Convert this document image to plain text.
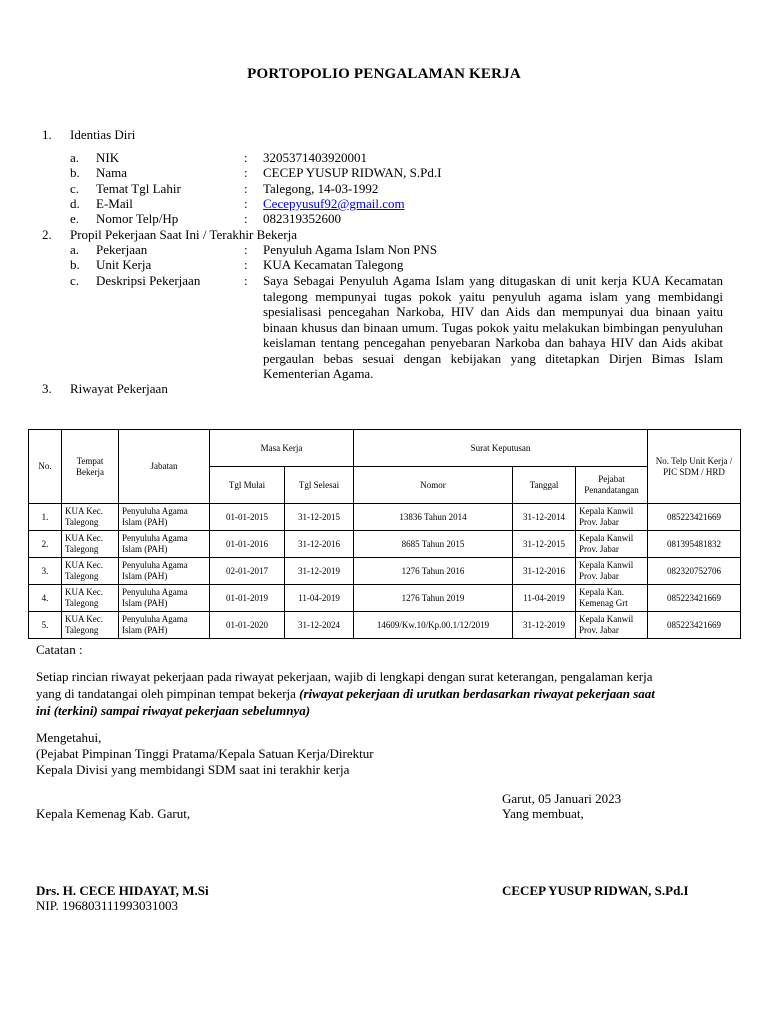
PORTOPOLIO PENGALAMAN KERJA
1. Identias Diri
a. NIK	: 3205371403920001
b. Nama	: CECEP YUSUP RIDWAN, S.Pd.I
c. Temat Tgl Lahir	: Talegong, 14-03-1992
d. E-Mail	: Cecepyusuf92@gmail.com
e. Nomor Telp/Hp	: 082319352600
2. Propil Pekerjaan Saat Ini / Terakhir Bekerja
a. Pekerjaan	: Penyuluh Agama Islam Non PNS
b. Unit Kerja	: KUA Kecamatan Talegong
c. Deskripsi Pekerjaan	: Saya Sebagai Penyuluh Agama Islam yang ditugaskan di unit kerja KUA Kecamatan talegong mempunyai tugas pokok yaitu penyuluh agama islam yang membidangi spesialisasi pencegahan Narkoba, HIV dan Aids dan mempunyai dua binaan yaitu binaan khusus dan binaan umum. Tugas pokok yaitu melakukan bimbingan penyuluhan keislaman tentang pencegahan penyebaran Narkoba dan bahaya HIV dan Aids akibat pergaulan bebas sesuai dengan kebijakan yang ditetapkan Dirjen Bimas Islam Kementerian Agama.
3. Riwayat Pekerjaan
No.	Tempat Bekerja	Jabatan	Masa Kerja		Surat Keputusan			No. Telp Unit Kerja / PIC SDM / HRD
			Tgl Mulai	Tgl Selesai	Nomor	Tanggal	Pejabat Penandatangan	
1.	KUA Kec. Talegong	Penyuluha Agama Islam (PAH)	01-01-2015	31-12-2015	13836 Tahun 2014	31-12-2014	Kepala Kanwil Prov. Jabar	085223421669
2.	KUA Kec. Talegong	Penyuluha Agama Islam (PAH)	01-01-2016	31-12-2016	8685 Tahun 2015	31-12-2015	Kepala Kanwil Prov. Jabar	081395481832
3.	KUA Kec. Talegong	Penyuluha Agama Islam (PAH)	02-01-2017	31-12-2019	1276 Tahun 2016	31-12-2016	Kepala Kanwil Prov. Jabar	082320752706
4.	KUA Kec. Talegong	Penyuluha Agama Islam (PAH)	01-01-2019	11-04-2019	1276 Tahun 2019	11-04-2019	Kepala Kan. Kemenag Grt	085223421669
5.	KUA Kec. Talegong	Penyuluha Agama Islam (PAH)	01-01-2020	31-12-2024	14609/Kw.10/Kp.00.1/12/2019	31-12-2019	Kepala Kanwil Prov. Jabar	085223421669
Catatan :
Setiap rincian riwayat pekerjaan pada riwayat pekerjaan, wajib di lengkapi dengan surat keterangan, pengalaman kerja
yang di tandatangai oleh pimpinan tempat bekerja (riwayat pekerjaan di urutkan berdasarkan riwayat pekerjaan saat
ini (terkini) sampai riwayat pekerjaan sebelumnya)
Mengetahui,
(Pejabat Pimpinan Tinggi Pratama/Kepala Satuan Kerja/Direktur
Kepala Divisi yang membidangi SDM saat ini terakhir kerja
Garut, 05 Januari 2023
Kepala Kemenag Kab. Garut,	Yang membuat,
Drs. H. CECE HIDAYAT, M.Si	CECEP YUSUP RIDWAN, S.Pd.I
NIP. 196803111993031003
